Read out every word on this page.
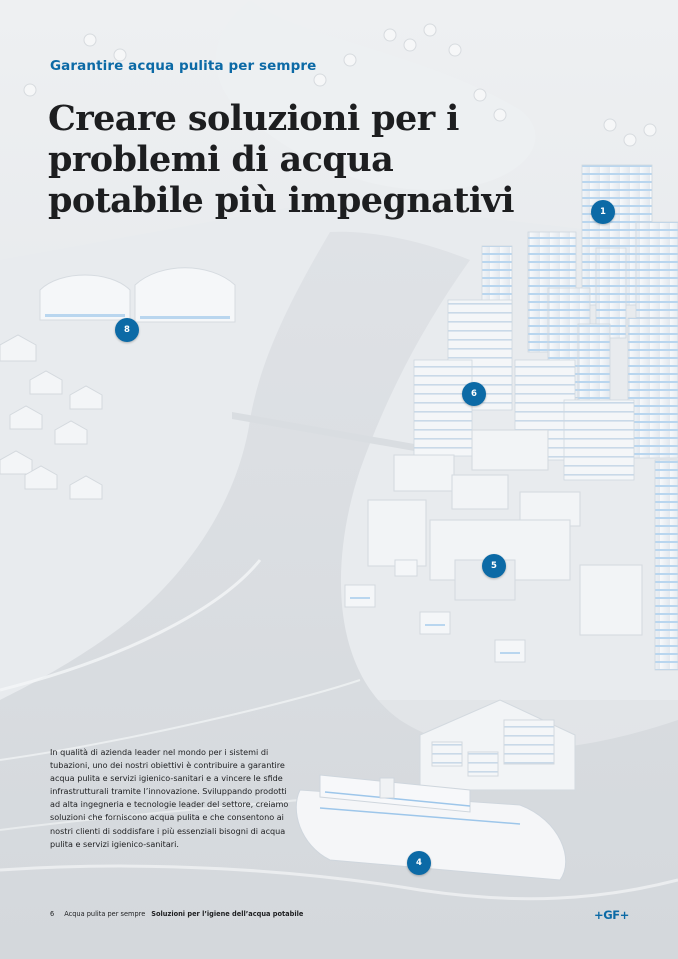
Garantire acqua pulita per sempre
Creare soluzioni per i problemi di acqua potabile più impegnativi	1
8
6
5
4

In qualità di azienda leader nel mondo per i sistemi di tubazioni, uno dei nostri obiettivi è contribuire a garantire acqua pulita e servizi igienico-sanitari e a vincere le sfide infrastrutturali tramite l’innovazione. Sviluppando prodotti ad alta ingegneria e tecnologie leader del settore, creiamo soluzioni che forniscono acqua pulita e che consentono ai nostri clienti di soddisfare i più essenziali bisogni di acqua pulita e servizi igienico-sanitari.

6 Acqua pulita per sempre Soluzioni per l’igiene dell’acqua potabile	+GF+
